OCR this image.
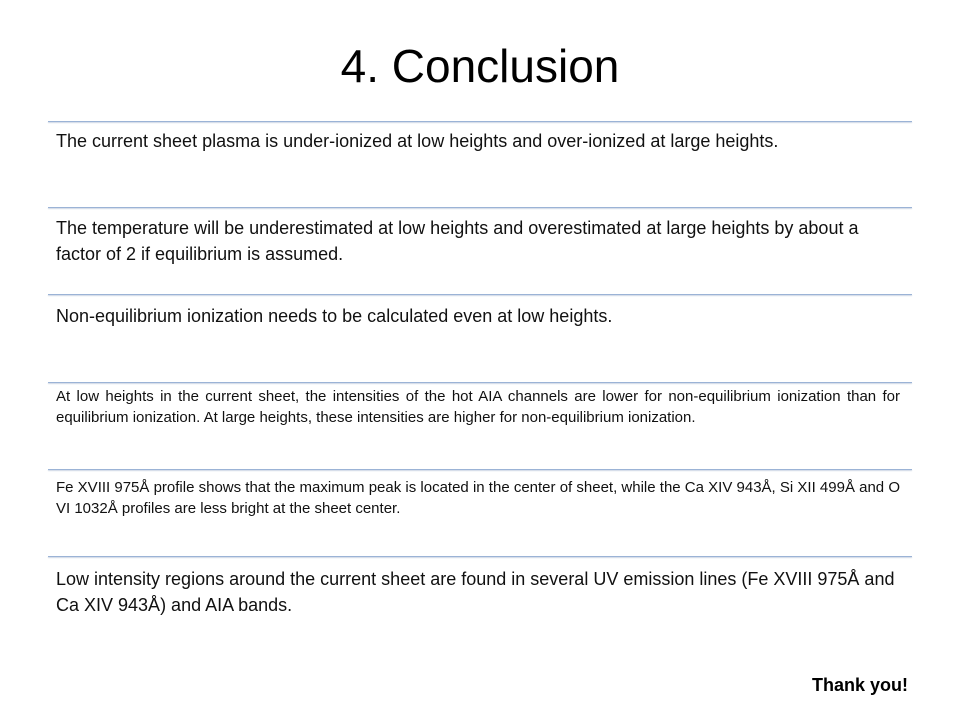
4. Conclusion
The current sheet plasma is under-ionized at low heights and over-ionized at large heights.
The temperature will be underestimated at low heights and overestimated at large heights by about a factor of 2 if equilibrium is assumed.
Non-equilibrium ionization needs to be calculated even at low heights.
At low heights in the current sheet, the intensities of the hot AIA channels are lower for non-equilibrium ionization than for equilibrium ionization. At large heights, these intensities are higher for non-equilibrium ionization.
Fe XVIII 975Å profile shows that the maximum peak is located in the center of sheet, while the Ca XIV 943Å, Si XII 499Å and O VI 1032Å profiles are less bright at the sheet center.
Low intensity regions around the current sheet are found in several UV emission lines (Fe XVIII 975Å and Ca XIV 943Å) and AIA bands.
Thank you!
